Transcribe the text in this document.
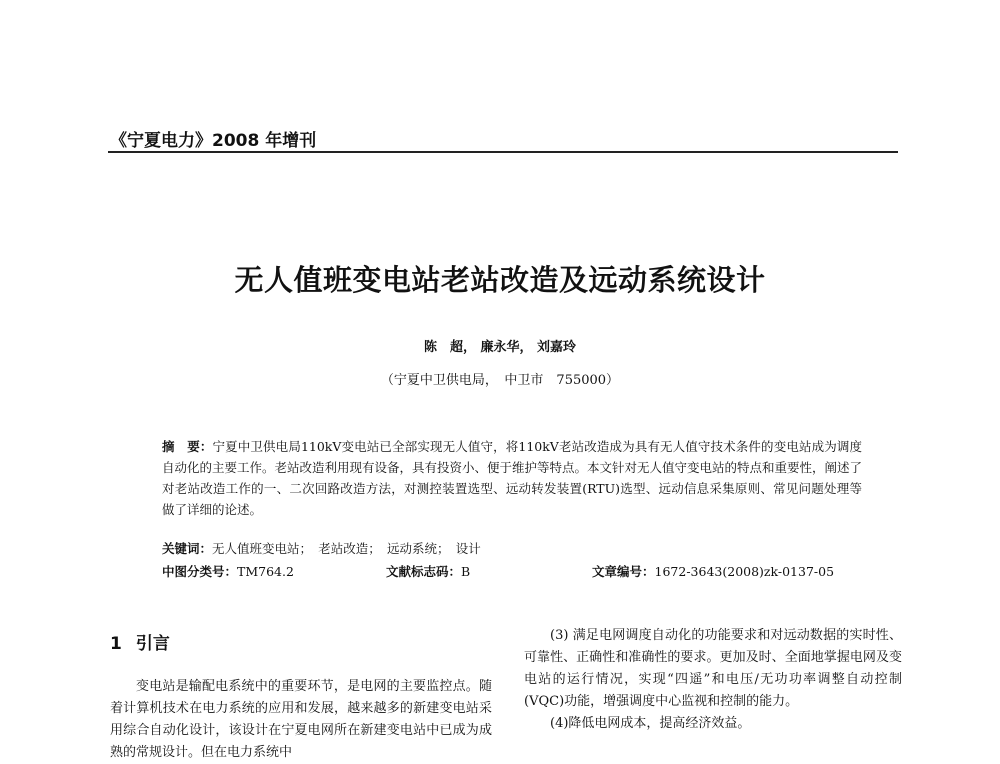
《宁夏电力》2008 年增刊
无人值班变电站老站改造及远动系统设计
陈　超， 廉永华， 刘嘉玲
（宁夏中卫供电局，　中卫市　755000）
摘　要：宁夏中卫供电局110kV变电站已全部实现无人值守，将110kV老站改造成为具有无人值守技术条件的变电站成为调度自动化的主要工作。老站改造利用现有设备，具有投资小、便于维护等特点。本文针对无人值守变电站的特点和重要性，阐述了对老站改造工作的一、二次回路改造方法，对测控装置选型、远动转发装置(RTU)选型、远动信息采集原则、常见问题处理等做了详细的论述。
关键词：无人值班变电站；　老站改造；　远动系统；　设计
中图分类号：TM764.2	文献标志码：B	文章编号：1672-3643(2008)zk-0137-05
1 引言

变电站是输配电系统中的重要环节，是电网的主要监控点。随着计算机技术在电力系统的应用和发展，越来越多的新建变电站采用综合自动化设计，该设计在宁夏电网所在新建变电站中已成为成熟的常规设计。但在电力系统中

(3) 满足电网调度自动化的功能要求和对远动数据的实时性、可靠性、正确性和准确性的要求。更加及时、全面地掌握电网及变电站的运行情况，实现“四遥”和电压/无功功率调整自动控制(VQC)功能，增强调度中心监视和控制的能力。

(4)降低电网成本，提高经济效益。
